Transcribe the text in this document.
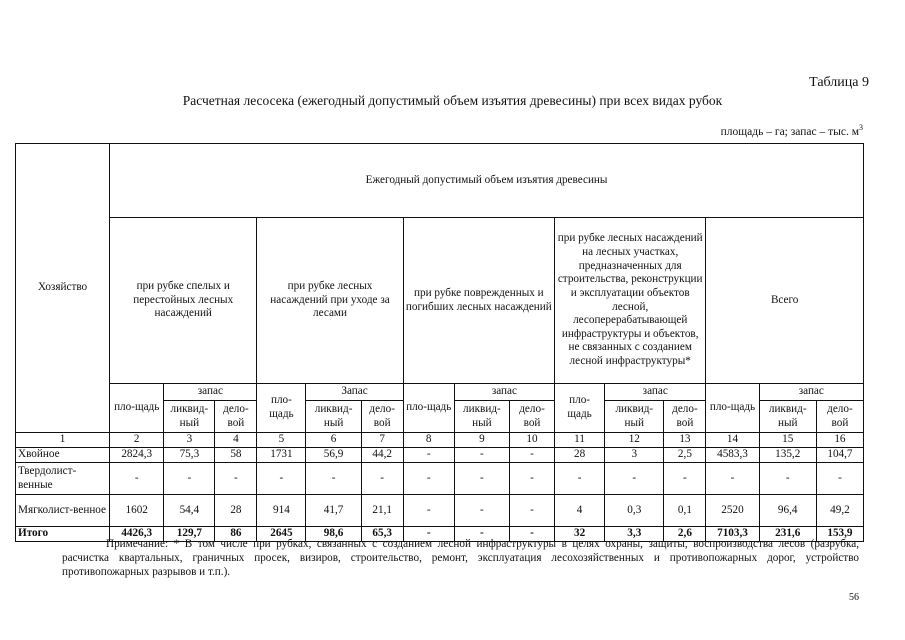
Таблица 9
Расчетная лесосека (ежегодный допустимый объем изъятия древесины) при всех видах рубок
площадь – га; запас – тыс. $м^3$
Хозяйство	Ежегодный допустимый объем изъятия древесины														
	при рубке спелых и перестойных лесных насаждений			при рубке лесных насаждений при уходе за лесами			при рубке поврежденных и погибших лесных насаждений			при рубке лесных насаждений на лесных участках, предназначенных для строительства, реконструкции и эксплуатации объектов лесной, лесоперерабатывающей инфраструктуры и объектов, не связанных с созданием лесной инфраструктуры*			Всего		
	пло-щадь	запас		пло-щадь	Запас		пло-щадь	запас		пло-щадь	запас		пло-щадь	запас	
		ликвид-ный	дело-вой		ликвид-ный	дело-вой		ликвид-ный	дело-вой		ликвид-ный	дело-вой		ликвид-ный	дело-вой
1	2	3	4	5	6	7	8	9	10	11	12	13	14	15	16
Хвойное	2824,3	75,3	58	1731	56,9	44,2	-	-	-	28	3	2,5	4583,3	135,2	104,7
Твердолист-венные	-	-	-	-	-	-	-	-	-	-	-	-	-	-	-
Мягколист-венное	1602	54,4	28	914	41,7	21,1	-	-	-	4	0,3	0,1	2520	96,4	49,2
Итого	4426,3	129,7	86	2645	98,6	65,3	-	-	-	32	3,3	2,6	7103,3	231,6	153,9
Примечание: * В том числе при рубках, связанных с созданием лесной инфраструктуры в целях охраны, защиты, воспроизводства лесов (разрубка, расчистка квартальных, граничных просек, визиров, строительство, ремонт, эксплуатация лесохозяйственных и противопожарных дорог, устройство противопожарных разрывов и т.п.).
56
